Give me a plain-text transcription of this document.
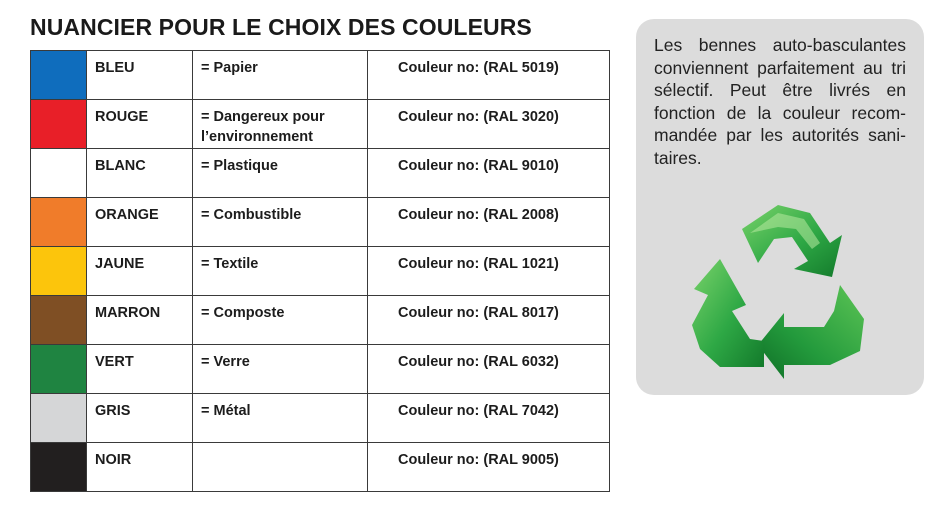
NUANCIER POUR LE CHOIX DES COULEURS

	BLEU	= Papier	Couleur no: (RAL 5019)

	ROUGE	= Dangereux pour l’environnement	Couleur no: (RAL 3020)

	BLANC	= Plastique	Couleur no: (RAL 9010)

	ORANGE	= Combustible	Couleur no: (RAL 2008)

	JAUNE	= Textile	Couleur no: (RAL 1021)

	MARRON	= Composte	Couleur no: (RAL 8017)

	VERT	= Verre	Couleur no: (RAL 6032)

	GRIS	= Métal	Couleur no: (RAL 7042)

	NOIR		Couleur no: (RAL 9005)

Les bennes auto-basculantes conviennent parfaitement au tri sélectif. Peut être livrés en fonction de la couleur recom-mandée par les autorités sani-taires.
